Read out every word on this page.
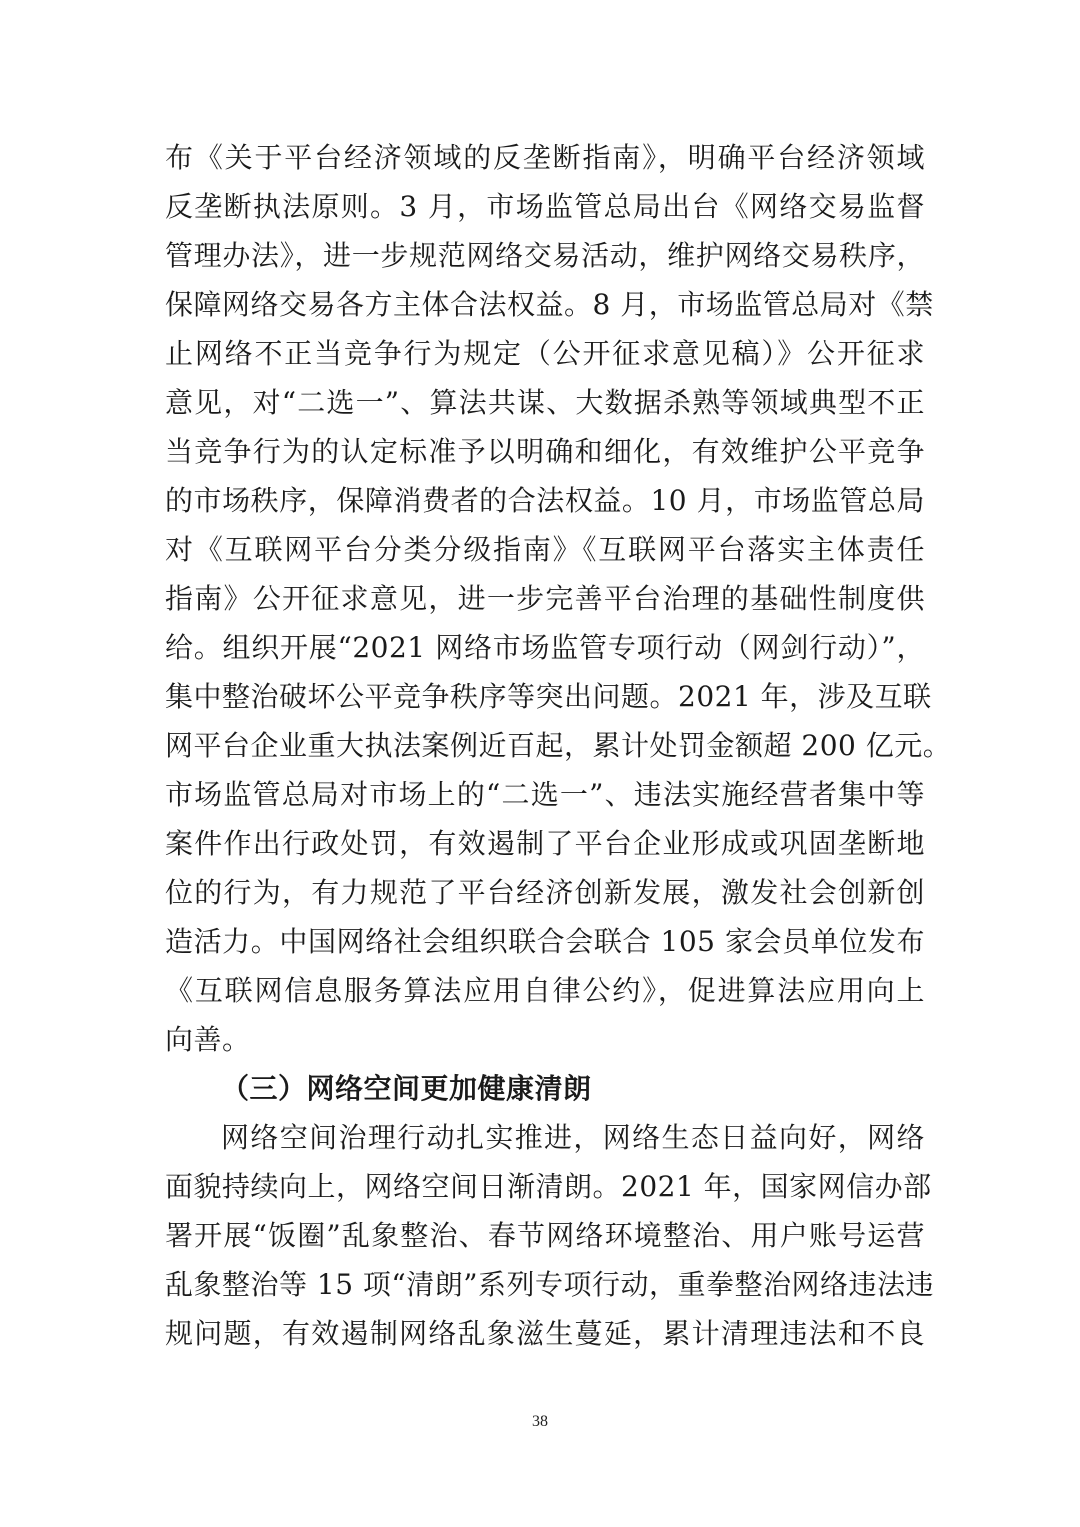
布《关于平台经济领域的反垄断指南》，明确平台经济领域
反垄断执法原则。3 月，市场监管总局出台《网络交易监督
管理办法》，进一步规范网络交易活动，维护网络交易秩序，
保障网络交易各方主体合法权益。8 月，市场监管总局对《禁
止网络不正当竞争行为规定（公开征求意见稿）》公开征求
意见，对“二选一”、算法共谋、大数据杀熟等领域典型不正
当竞争行为的认定标准予以明确和细化，有效维护公平竞争
的市场秩序，保障消费者的合法权益。10 月，市场监管总局
对《互联网平台分类分级指南》《互联网平台落实主体责任
指南》公开征求意见，进一步完善平台治理的基础性制度供
给。组织开展“2021 网络市场监管专项行动（网剑行动）”，
集中整治破坏公平竞争秩序等突出问题。2021 年，涉及互联
网平台企业重大执法案例近百起，累计处罚金额超 200 亿元。
市场监管总局对市场上的“二选一”、违法实施经营者集中等
案件作出行政处罚，有效遏制了平台企业形成或巩固垄断地
位的行为，有力规范了平台经济创新发展，激发社会创新创
造活力。中国网络社会组织联合会联合 105 家会员单位发布
《互联网信息服务算法应用自律公约》，促进算法应用向上
向善。
（三）网络空间更加健康清朗
网络空间治理行动扎实推进，网络生态日益向好，网络
面貌持续向上，网络空间日渐清朗。2021 年，国家网信办部
署开展“饭圈”乱象整治、春节网络环境整治、用户账号运营
乱象整治等 15 项“清朗”系列专项行动，重拳整治网络违法违
规问题，有效遏制网络乱象滋生蔓延，累计清理违法和不良
38
